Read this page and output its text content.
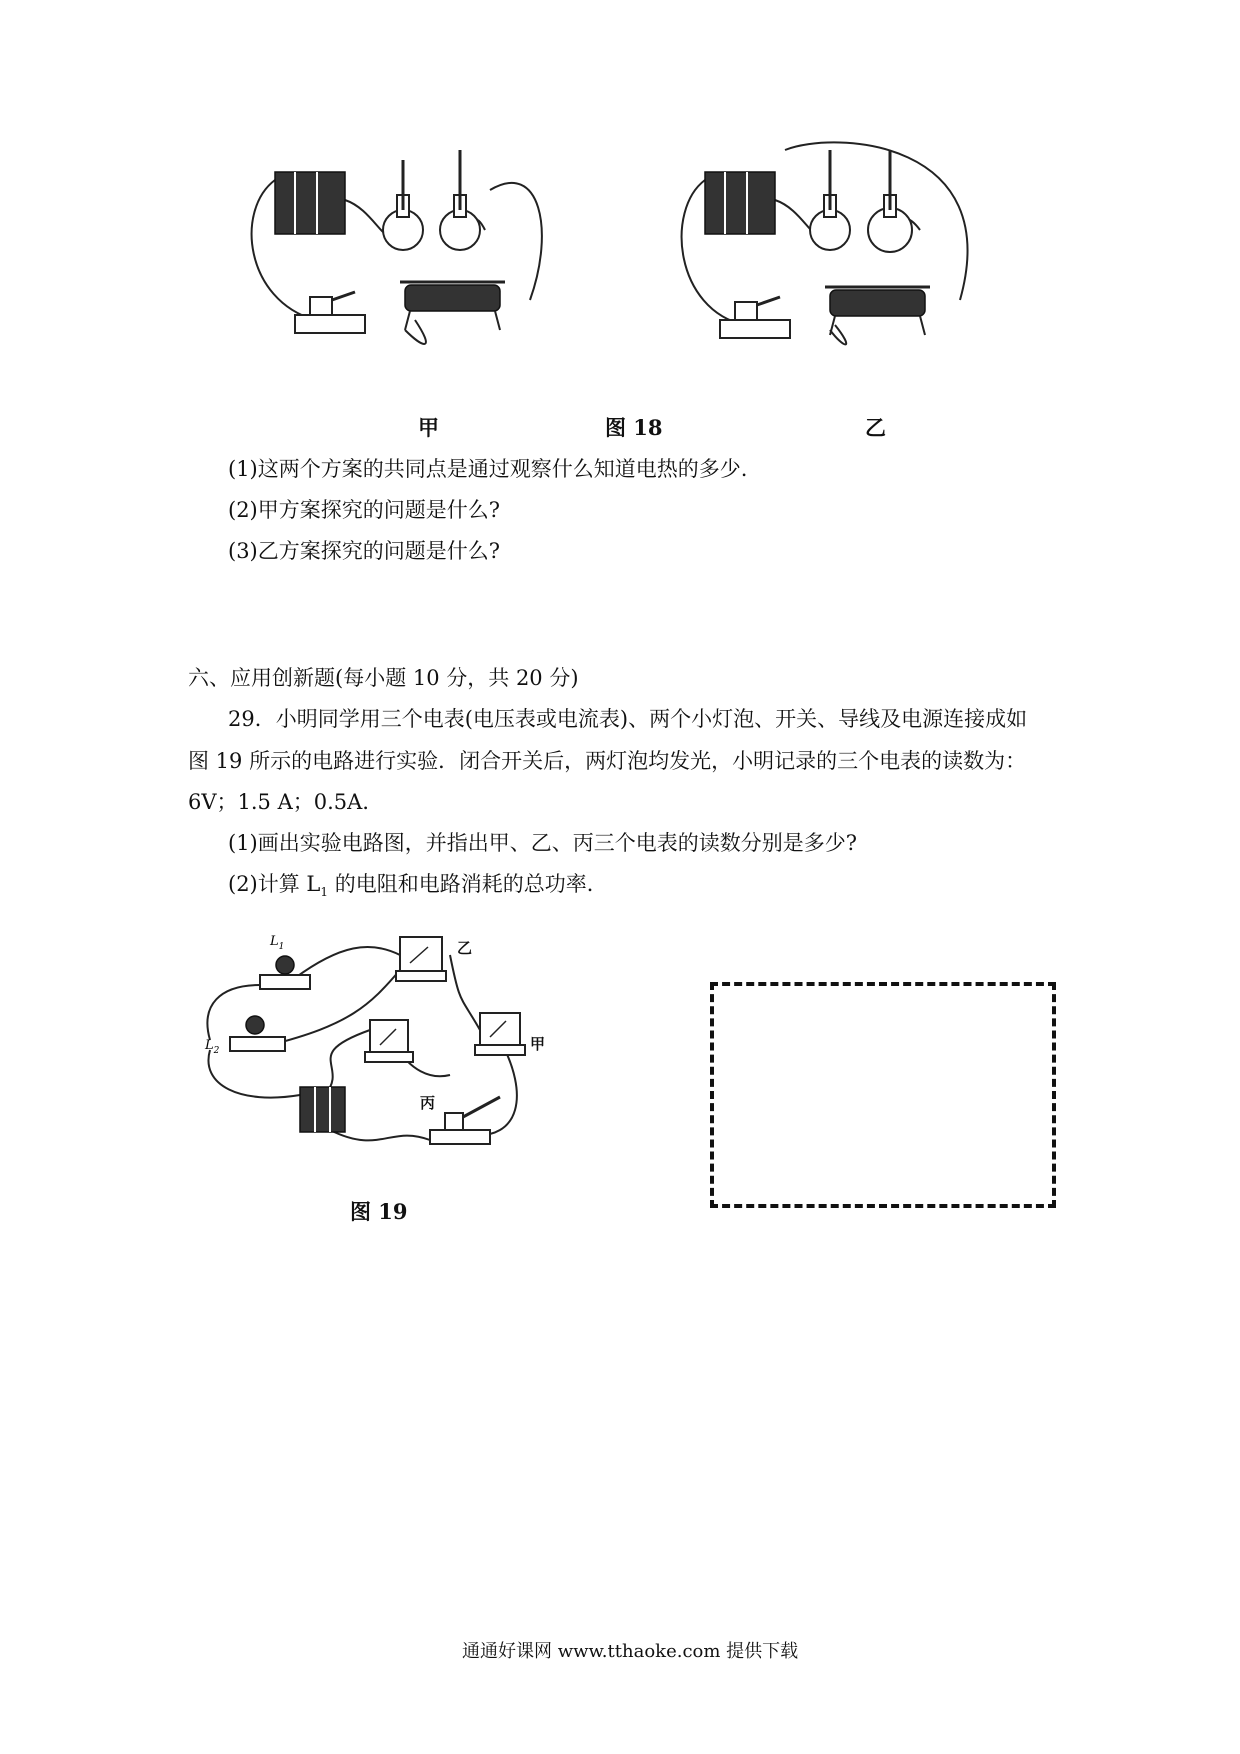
甲	图 18	乙
(1)这两个方案的共同点是通过观察什么知道电热的多少.
(2)甲方案探究的问题是什么?
(3)乙方案探究的问题是什么?
六、应用创新题(每小题 10 分，共 20 分)
29．小明同学用三个电表(电压表或电流表)、两个小灯泡、开关、导线及电源连接成如
图 19 所示的电路进行实验．闭合开关后，两灯泡均发光，小明记录的三个电表的读数为：
6V；1.5 A；0.5A．
(1)画出实验电路图，并指出甲、乙、丙三个电表的读数分别是多少?
(2)计算 $L_1$ 的电阻和电路消耗的总功率．
$L_1$
$L_2$
乙
甲
丙
图 19
通通好课网 www.tthaoke.com 提供下载
